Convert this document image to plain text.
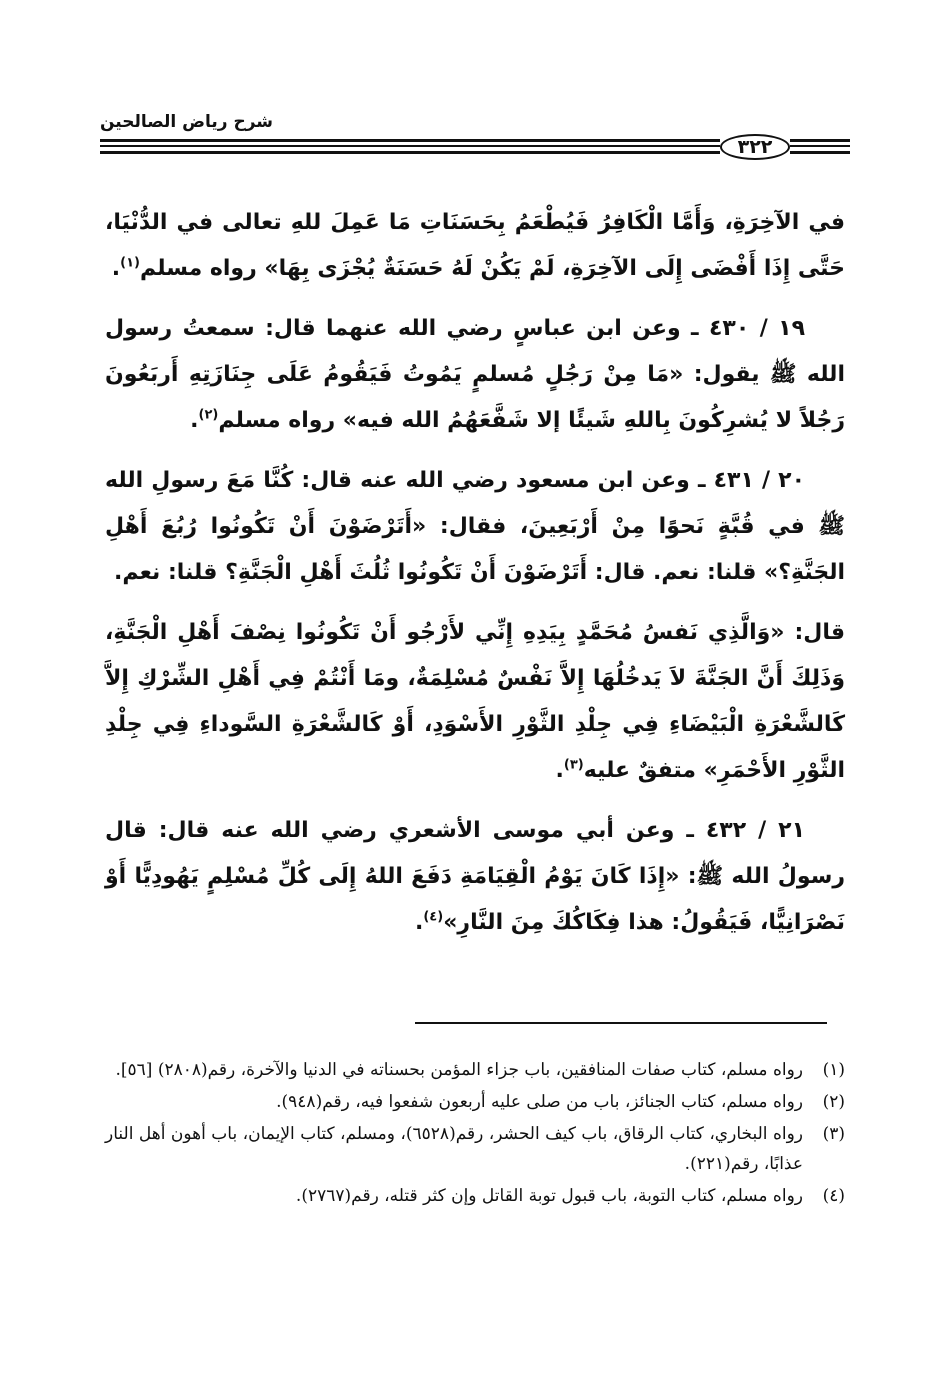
شرح رياض الصالحين
٣٢٢

في الآخِرَةِ، وَأَمَّا الْكَافِرُ فَيُطْعَمُ بِحَسَنَاتِ مَا عَمِلَ للهِ تعالى في الدُّنْيَا، حَتَّى إِذَا أَفْضَى إِلَى الآخِرَةِ، لَمْ يَكُنْ لَهُ حَسَنَةٌ يُجْزَى بِهَا» رواه مسلم$^{(١)}$.

١٩ / ٤٣٠ ـ وعن ابن عباسٍ رضي الله عنهما قال: سمعتُ رسول الله ﷺ يقول: «مَا مِنْ رَجُلٍ مُسلمٍ يَمُوتُ فَيَقُومُ عَلَى جِنَازَتِهِ أَربَعُونَ رَجُلاً لا يُشرِكُونَ بِاللهِ شَيئًا إلا شَفَّعَهُمُ الله فيه» رواه مسلم$^{(٢)}$.

٢٠ / ٤٣١ ـ وعن ابن مسعود رضي الله عنه قال: كُنَّا مَعَ رسولِ الله ﷺ في قُبَّةٍ نَحوًا مِنْ أَرْبَعِينَ، فقال: «أَتَرْضَوْنَ أَنْ تَكُونُوا رُبُعَ أَهْلِ الجَنَّةِ؟» قلنا: نعم. قال: أَتَرْضَوْنَ أَنْ تَكُونُوا ثُلُثَ أَهْلِ الْجَنَّةِ؟ قلنا: نعم.

قال: «وَالَّذِي نَفسُ مُحَمَّدٍ بِيَدِهِ إِنِّي لأَرْجُو أَنْ تَكُونُوا نِصْفَ أَهْلِ الْجَنَّةِ، وَذَلِكَ أَنَّ الجَنَّةَ لاَ يَدخُلُهَا إِلاَّ نَفْسٌ مُسْلِمَةٌ، ومَا أَنْتُمْ فِي أَهْلِ الشِّرْكِ إِلاَّ كَالشَّعْرَةِ الْبَيْضَاءِ فِي جِلْدِ الثَّوْرِ الأَسْوَدِ، أَوْ كَالشَّعْرَةِ السَّوداءِ فِي جِلْدِ الثَّوْرِ الأَحْمَرِ» متفقٌ عليه$^{(٣)}$.

٢١ / ٤٣٢ ـ وعن أبي موسى الأشعري رضي الله عنه قال: قال رسولُ الله ﷺ: «إِذَا كَانَ يَوْمُ الْقِيَامَةِ دَفَعَ اللهُ إِلَى كُلِّ مُسْلِمٍ يَهُودِيًّا أَوْ نَصْرَانِيًّا، فَيَقُولُ: هذا فِكَاكُكَ مِنَ النَّارِ»$^{(٤)}$.

(١)
رواه مسلم، كتاب صفات المنافقين، باب جزاء المؤمن بحسناته في الدنيا والآخرة، رقم(٢٨٠٨) [٥٦].
(٢)
رواه مسلم، كتاب الجنائز، باب من صلى عليه أربعون شفعوا فيه، رقم(٩٤٨).
(٣)
رواه البخاري، كتاب الرقاق، باب كيف الحشر، رقم(٦٥٢٨)، ومسلم، كتاب الإيمان، باب أهون أهل النار عذابًا، رقم(٢٢١).
(٤)
رواه مسلم، كتاب التوبة، باب قبول توبة القاتل وإن كثر قتله، رقم(٢٧٦٧).
